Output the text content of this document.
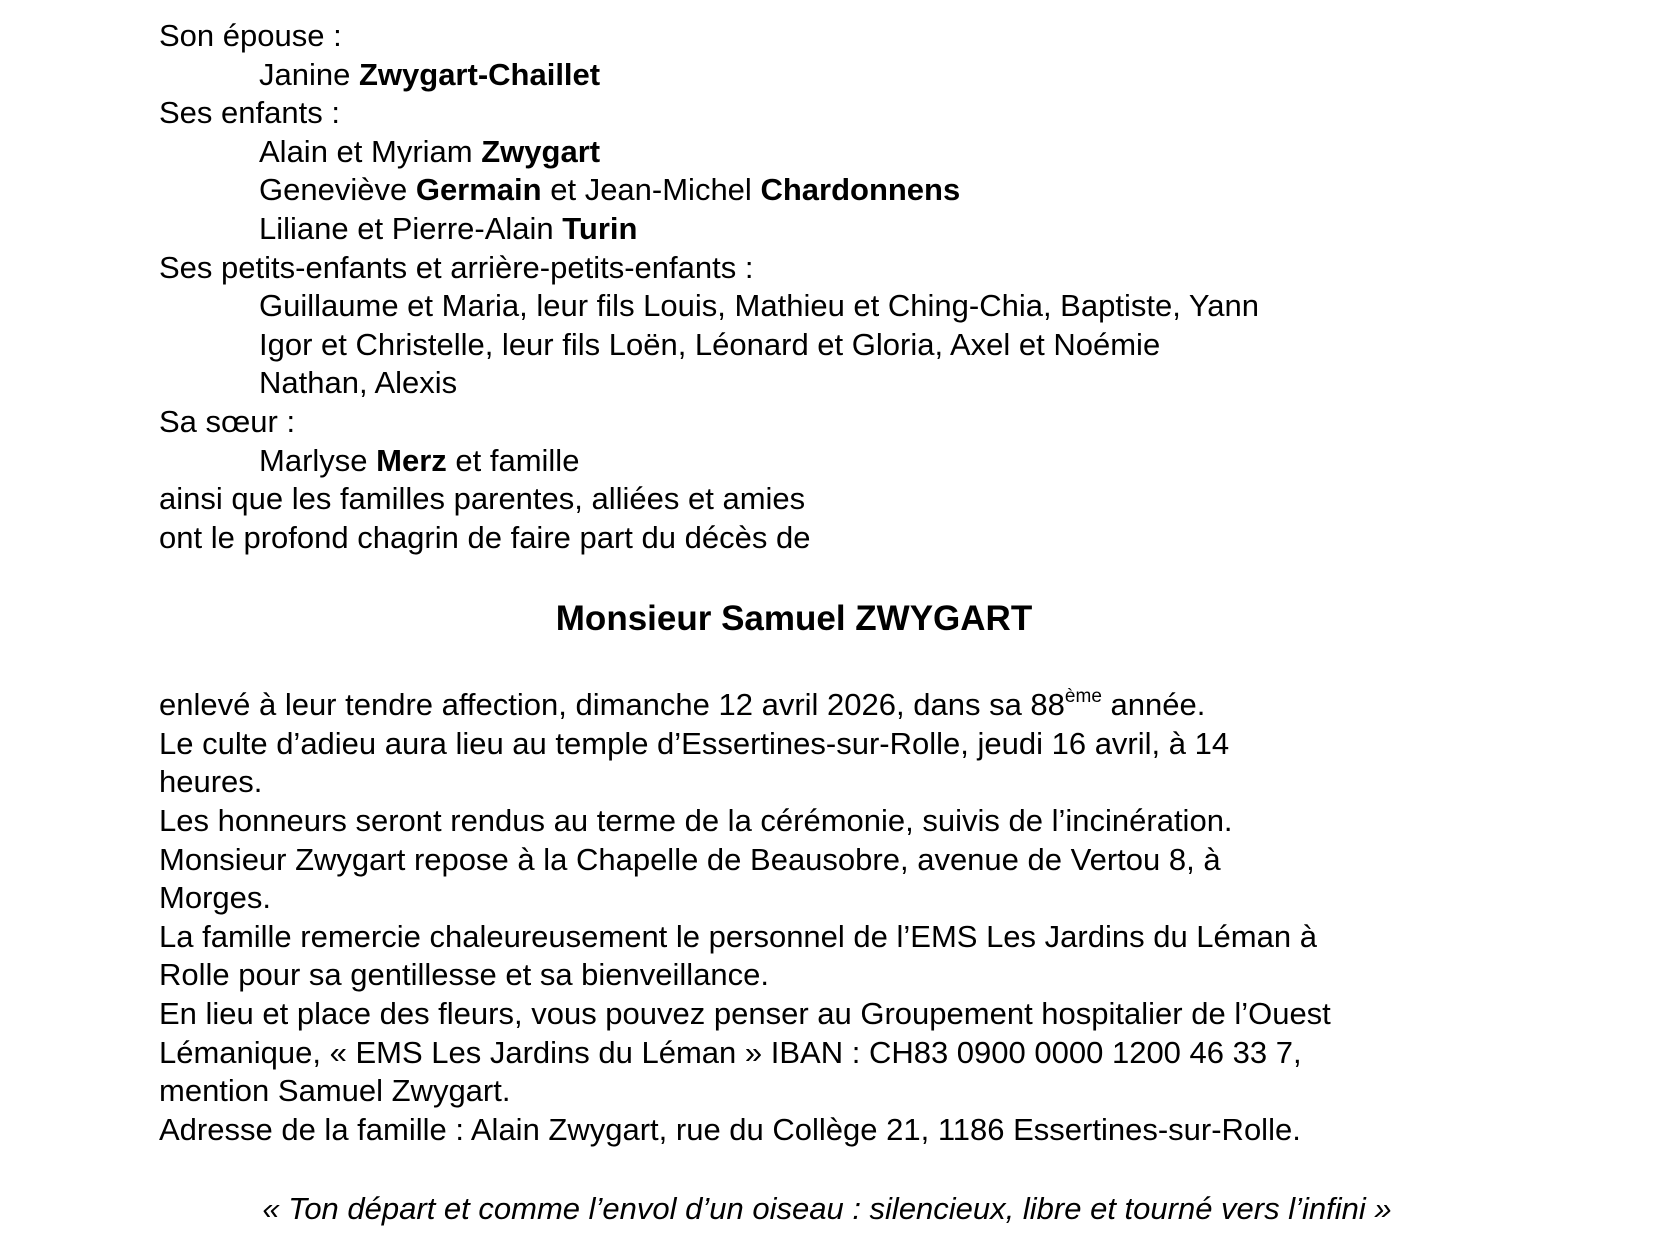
Son épouse :
Janine Zwygart-Chaillet
Ses enfants :
Alain et Myriam Zwygart
Geneviève Germain et Jean-Michel Chardonnens
Liliane et Pierre-Alain Turin
Ses petits-enfants et arrière-petits-enfants :
Guillaume et Maria, leur fils Louis, Mathieu et Ching-Chia, Baptiste, Yann
Igor et Christelle, leur fils Loën, Léonard et Gloria, Axel et Noémie
Nathan, Alexis
Sa sœur :
Marlyse Merz et famille
ainsi que les familles parentes, alliées et amies
ont le profond chagrin de faire part du décès de
Monsieur Samuel ZWYGART
enlevé à leur tendre affection, dimanche 12 avril 2026, dans sa 88ème année.
Le culte d’adieu aura lieu au temple d’Essertines-sur-Rolle, jeudi 16 avril, à 14
heures.
Les honneurs seront rendus au terme de la cérémonie, suivis de l’incinération.
Monsieur Zwygart repose à la Chapelle de Beausobre, avenue de Vertou 8, à
Morges.
La famille remercie chaleureusement le personnel de l’EMS Les Jardins du Léman à
Rolle pour sa gentillesse et sa bienveillance.
En lieu et place des fleurs, vous pouvez penser au Groupement hospitalier de l’Ouest
Lémanique, « EMS Les Jardins du Léman » IBAN : CH83 0900 0000 1200 46 33 7,
mention Samuel Zwygart.
Adresse de la famille : Alain Zwygart, rue du Collège 21, 1186 Essertines-sur-Rolle.
« Ton départ et comme l’envol d’un oiseau : silencieux, libre et tourné vers l’infini »
